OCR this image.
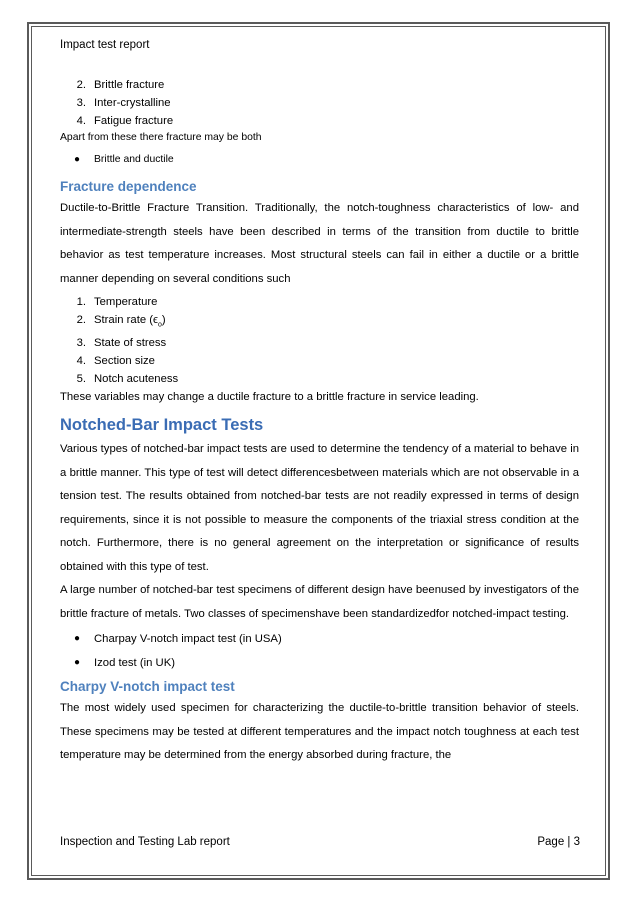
Impact test report
2. Brittle fracture
3. Inter-crystalline
4. Fatigue fracture

Apart from these there fracture may be both

●	Brittle and ductile
Fracture dependence

Ductile-to-Brittle Fracture Transition. Traditionally, the notch-toughness characteristics of low- and intermediate-strength steels have been described in terms of the transition from ductile to brittle behavior as test temperature increases. Most structural steels can fail in either a ductile or a brittle manner depending on several conditions such

1. Temperature
2. Strain rate $(\epsilon_o)$
3. State of stress
4. Section size
5. Notch acuteness

These variables may change a ductile fracture to a brittle fracture in service leading.

Notched-Bar Impact Tests

Various types of notched-bar impact tests are used to determine the tendency of a material to behave in a brittle manner. This type of test will detect differencesbetween materials which are not observable in a tension test. The results obtained from notched-bar tests are not readily expressed in terms of design requirements, since it is not possible to measure the components of the triaxial stress condition at the notch. Furthermore, there is no general agreement on the interpretation or significance of results obtained with this type of test.

A large number of notched-bar test specimens of different design have beenused by investigators of the brittle fracture of metals. Two classes of specimenshave been standardizedfor notched-impact testing.

●	Charpay V-notch impact test (in USA)
●	Izod test (in UK)
Charpy V-notch impact test

The most widely used specimen for characterizing the ductile-to-brittle transition behavior of steels. These specimens may be tested at different temperatures and the impact notch toughness at each test temperature may be determined from the energy absorbed during fracture, the

Inspection and Testing Lab report	Page | 3
